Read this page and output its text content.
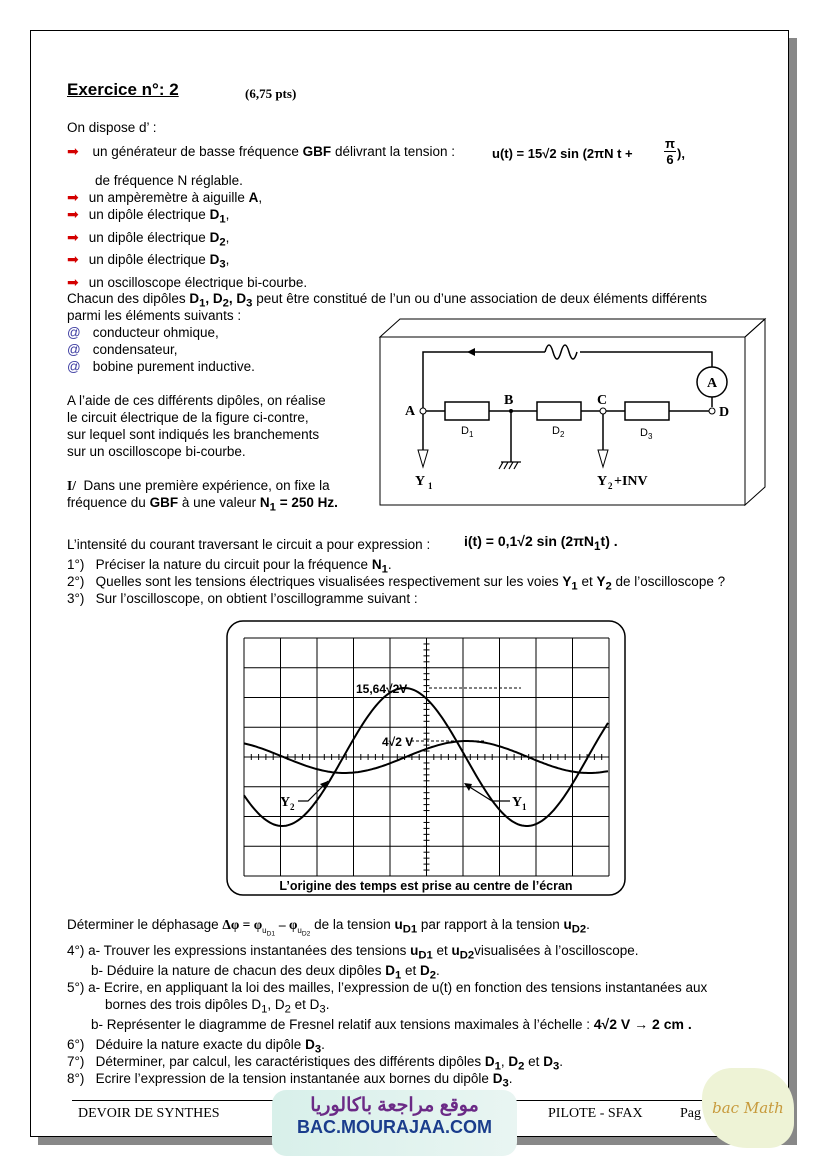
Exercice n°: 2	(6,75 pts)
On dispose d’ :
➡ un générateur de basse fréquence GBF délivrant la tension :	u(t) = 15√2 sin (2πN $t + \frac{\pi}{6}$ ),
de fréquence N réglable.
➡ un ampèremètre à aiguille A,
➡ un dipôle électrique $D_1$,
➡ un dipôle électrique $D_2$,
➡ un dipôle électrique $D_3$,
➡ un oscilloscope électrique bi-courbe.
Chacun des dipôles $D_1$, $D_2$, $D_3$ peut être constitué de l’un ou d’une association de deux éléments différents
parmi les éléments suivants :
@ conducteur ohmique,
@ condensateur,
@ bobine purement inductive.
A l’aide de ces différents dipôles, on réalise
le circuit électrique de la figure ci-contre,
sur lequel sont indiqués les branchements
sur un oscilloscope bi-courbe.
I/ Dans une première expérience, on fixe la
fréquence du GBF à une valeur $N_1 = 250$ Hz.
A
B	C
D
A
Y 1	Y 2 +INV
D 1	D 2	D 3
L’intensité du courant traversant le circuit a pour expression : i(t) = 0,1√2 $\sin (2\pi N_1t)$ .
1°) Préciser la nature du circuit pour la fréquence $N_1$.
2°) Quelles sont les tensions électriques visualisées respectivement sur les voies $Y_1$ et $Y_2$ de l’oscilloscope ?
3°) Sur l’oscilloscope, on obtient l’oscillogramme suivant :
15,64√2V
4√2 V
Y 2	Y 1
L’origine des temps est prise au centre de l’écran
Déterminer le déphasage $\Delta\varphi = \varphi_{u_{D1}} - \varphi_{u_{D2}}$ de la tension $u_{D1}$ par rapport à la tension $u_{D2}$.
4°) a- Trouver les expressions instantanées des tensions $u_{D1}$ et $u_{D2}visualisées$ à l’oscilloscope.
b- Déduire la nature de chacun des deux dipôles $D_1$ et $D_2$.
5°) a- Ecrire, en appliquant la loi des mailles, l’expression de u(t) en fonction des tensions instantanées aux
bornes des trois dipôles $D_1$, $D_2$ et $D_3$.
b- Représenter le diagramme de Fresnel relatif aux tensions maximales à l’échelle : 4√2 V → 2 cm .
6°) Déduire la nature exacte du dipôle $D_3$.
7°) Déterminer, par calcul, les caractéristiques des différents dipôles $D_1$, $D_2$ et $D_3$.
8°) Ecrire l’expression de la tension instantanée aux bornes du dipôle $D_3$.
DEVOIR DE SYNTHES	PILOTE - SFAX	Pag
موقع مراجعة باكالوريا
BAC.MOURAJAA.COM
bac Math
